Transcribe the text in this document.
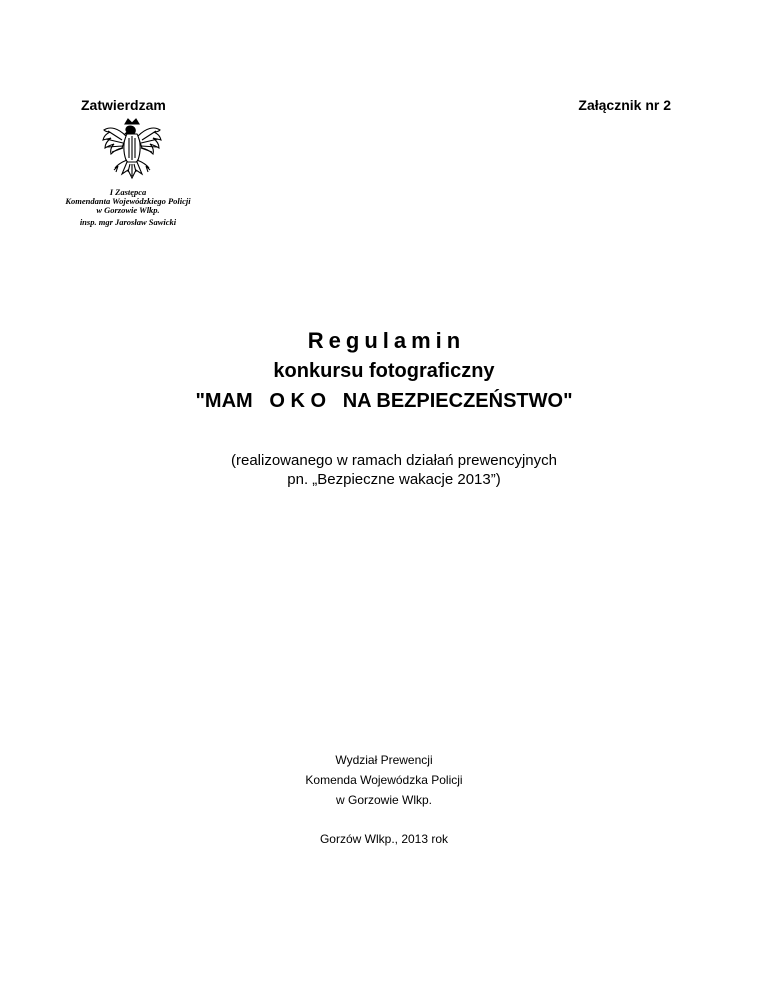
Zatwierdzam	Załącznik nr 2
I Zastępca
Komendanta Wojewódzkiego Policji
w Gorzowie Wlkp.
insp. mgr Jarosław Sawicki
Regulamin
konkursu fotograficzny
"MAM   O K O   NA BEZPIECZEŃSTWO"
(realizowanego w ramach działań prewencyjnych
pn. „Bezpieczne wakacje 2013”)
Wydział Prewencji
Komenda Wojewódzka Policji
w Gorzowie Wlkp.
Gorzów Wlkp., 2013 rok
